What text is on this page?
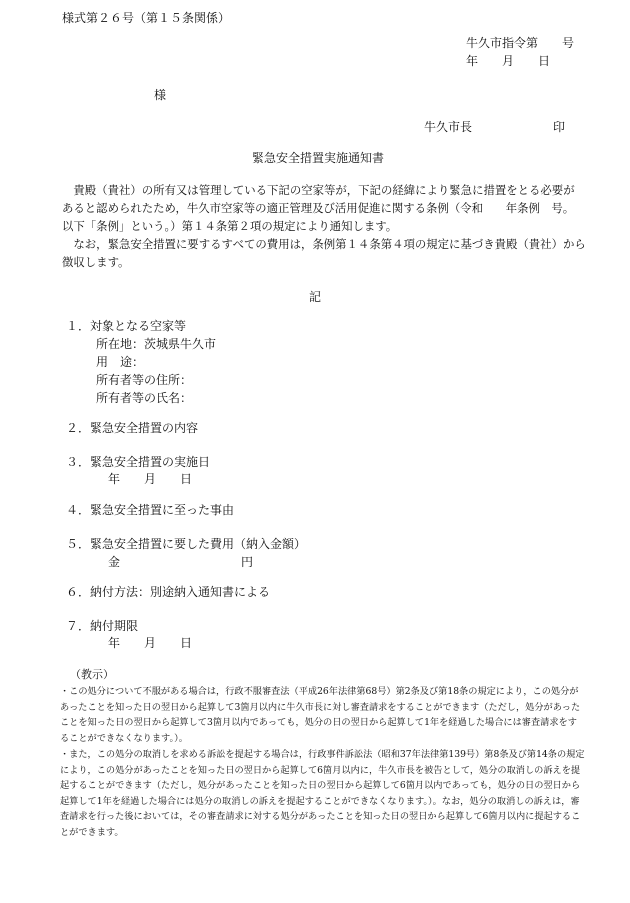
様式第２６号（第１５条関係）
牛久市指令第　　号
年　　月　　日
様
牛久市長	印
緊急安全措置実施通知書
　貴殿（貴社）の所有又は管理している下記の空家等が，下記の経緯により緊急に措置をとる必要が
あると認められたため，牛久市空家等の適正管理及び活用促進に関する条例（令和　　年条例　号。
以下「条例」という。）第１４条第２項の規定により通知します。
　なお，緊急安全措置に要するすべての費用は，条例第１４条第４項の規定に基づき貴殿（貴社）から
徴収します。
記
１．対象となる空家等
所在地：茨城県牛久市
用　途：
所有者等の住所：
所有者等の氏名：
２．緊急安全措置の内容
３．緊急安全措置の実施日
年　　月　　日
４．緊急安全措置に至った事由
５．緊急安全措置に要した費用（納入金額）
金	円
６．納付方法：別途納入通知書による
７．納付期限
年　　月　　日
（教示）
・この処分について不服がある場合は，行政不服審査法（平成26年法律第68号）第2条及び第18条の規定により，この処分があったことを知った日の翌日から起算して3箇月以内に牛久市長に対し審査請求をすることができます（ただし，処分があったことを知った日の翌日から起算して3箇月以内であっても，処分の日の翌日から起算して1年を経過した場合には審査請求をすることができなくなります。）。
・また，この処分の取消しを求める訴訟を提起する場合は，行政事件訴訟法（昭和37年法律第139号）第8条及び第14条の規定により，この処分があったことを知った日の翌日から起算して6箇月以内に，牛久市長を被告として，処分の取消しの訴えを提起することができます（ただし，処分があったことを知った日の翌日から起算して6箇月以内であっても，処分の日の翌日から起算して1年を経過した場合には処分の取消しの訴えを提起することができなくなります。）。なお，処分の取消しの訴えは，審査請求を行った後においては，その審査請求に対する処分があったことを知った日の翌日から起算して6箇月以内に提起することができます。
